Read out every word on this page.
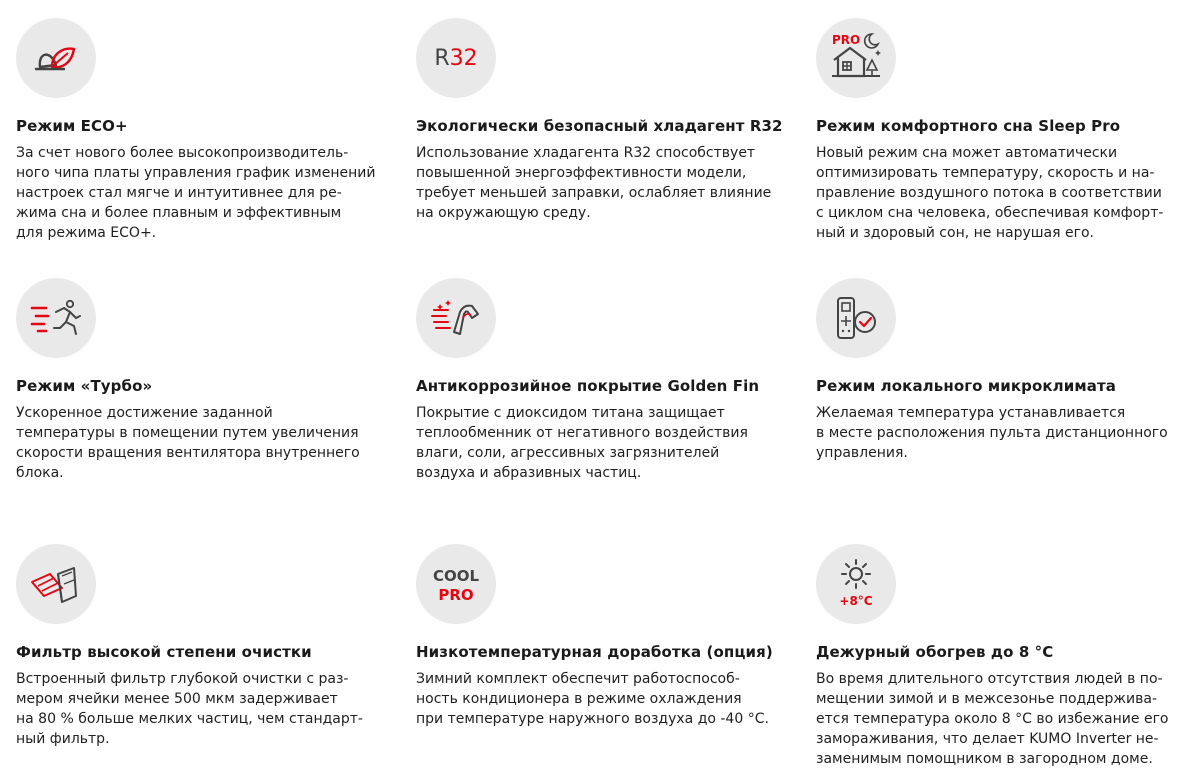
Режим ECO+
За счет нового более высокопроизводитель-
ного чипа платы управления график изменений
настроек стал мягче и интуитивнее для ре-
жима сна и более плавным и эффективным
для режима ECO+.
R32
Экологически безопасный хладагент R32
Использование хладагента R32 способствует
повышенной энергоэффективности модели,
требует меньшей заправки, ослабляет влияние
на окружающую среду.
PRO
Режим комфортного сна Sleep Pro
Новый режим сна может автоматически
оптимизировать температуру, скорость и на-
правление воздушного потока в соответствии
с циклом сна человека, обеспечивая комфорт-
ный и здоровый сон, не нарушая его.
Режим «Турбо»
Ускоренное достижение заданной
температуры в помещении путем увеличения
скорости вращения вентилятора внутреннего
блока.
Антикоррозийное покрытие Golden Fin
Покрытие с диоксидом титана защищает
теплообменник от негативного воздействия
влаги, соли, агрессивных загрязнителей
воздуха и абразивных частиц.
Режим локального микроклимата
Желаемая температура устанавливается
в месте расположения пульта дистанционного
управления.
Фильтр высокой степени очистки
Встроенный фильтр глубокой очистки с раз-
мером ячейки менее 500 мкм задерживает
на 80 % больше мелких частиц, чем стандарт-
ный фильтр.
COOL
PRO
Низкотемпературная доработка (опция)
Зимний комплект обеспечит работоспособ-
ность кондиционера в режиме охлаждения
при температуре наружного воздуха до -40 °С.
+8°C
Дежурный обогрев до 8 °С
Во время длительного отсутствия людей в по-
мещении зимой и в межсезонье поддержива-
ется температура около 8 °С во избежание его
замораживания, что делает KUMO Inverter не-
заменимым помощником в загородном доме.
